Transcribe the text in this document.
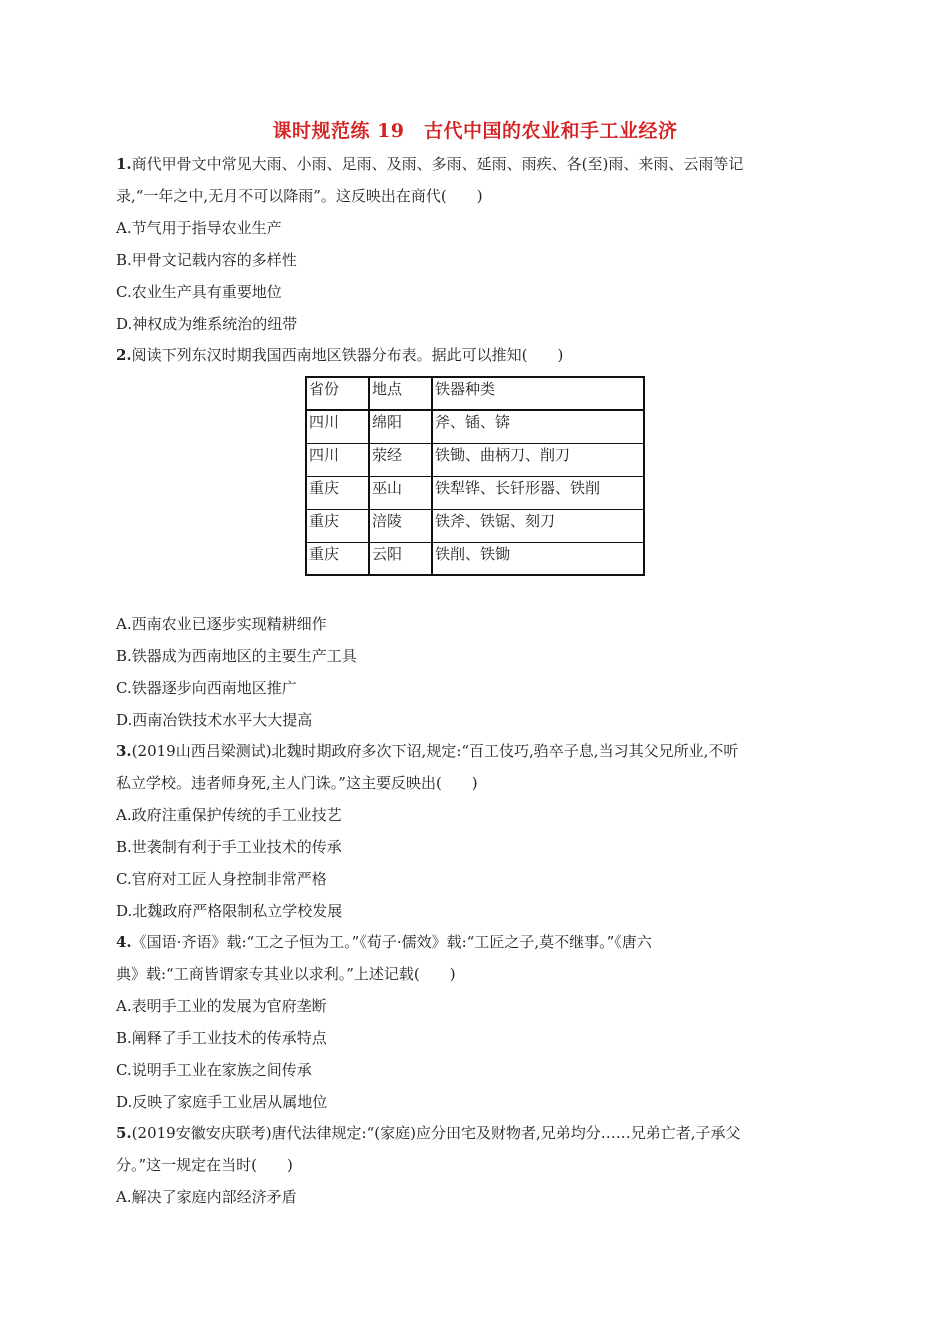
课时规范练 19　古代中国的农业和手工业经济
1.商代甲骨文中常见大雨、小雨、足雨、及雨、多雨、延雨、雨疾、各(至)雨、来雨、云雨等记
录,“一年之中,无月不可以降雨”。这反映出在商代(　　)
A.节气用于指导农业生产
B.甲骨文记载内容的多样性
C.农业生产具有重要地位
D.神权成为维系统治的纽带
2.阅读下列东汉时期我国西南地区铁器分布表。据此可以推知(　　)
省份	地点	铁器种类
四川	绵阳	斧、锸、锛
四川	荥经	铁锄、曲柄刀、削刀
重庆	巫山	铁犁铧、长钎形器、铁削
重庆	涪陵	铁斧、铁锯、刻刀
重庆	云阳	铁削、铁锄
A.西南农业已逐步实现精耕细作
B.铁器成为西南地区的主要生产工具
C.铁器逐步向西南地区推广
D.西南冶铁技术水平大大提高
3.(2019山西吕梁测试)北魏时期政府多次下诏,规定:“百工伎巧,驺卒子息,当习其父兄所业,不听
私立学校。违者师身死,主人门诛。”这主要反映出(　　)
A.政府注重保护传统的手工业技艺
B.世袭制有利于手工业技术的传承
C.官府对工匠人身控制非常严格
D.北魏政府严格限制私立学校发展
4.《国语·齐语》载:“工之子恒为工。”《荀子·儒效》载:“工匠之子,莫不继事。”《唐六
典》载:“工商皆谓家专其业以求利。”上述记载(　　)
A.表明手工业的发展为官府垄断
B.阐释了手工业技术的传承特点
C.说明手工业在家族之间传承
D.反映了家庭手工业居从属地位
5.(2019安徽安庆联考)唐代法律规定:“(家庭)应分田宅及财物者,兄弟均分……兄弟亡者,子承父
分。”这一规定在当时(　　)
A.解决了家庭内部经济矛盾
